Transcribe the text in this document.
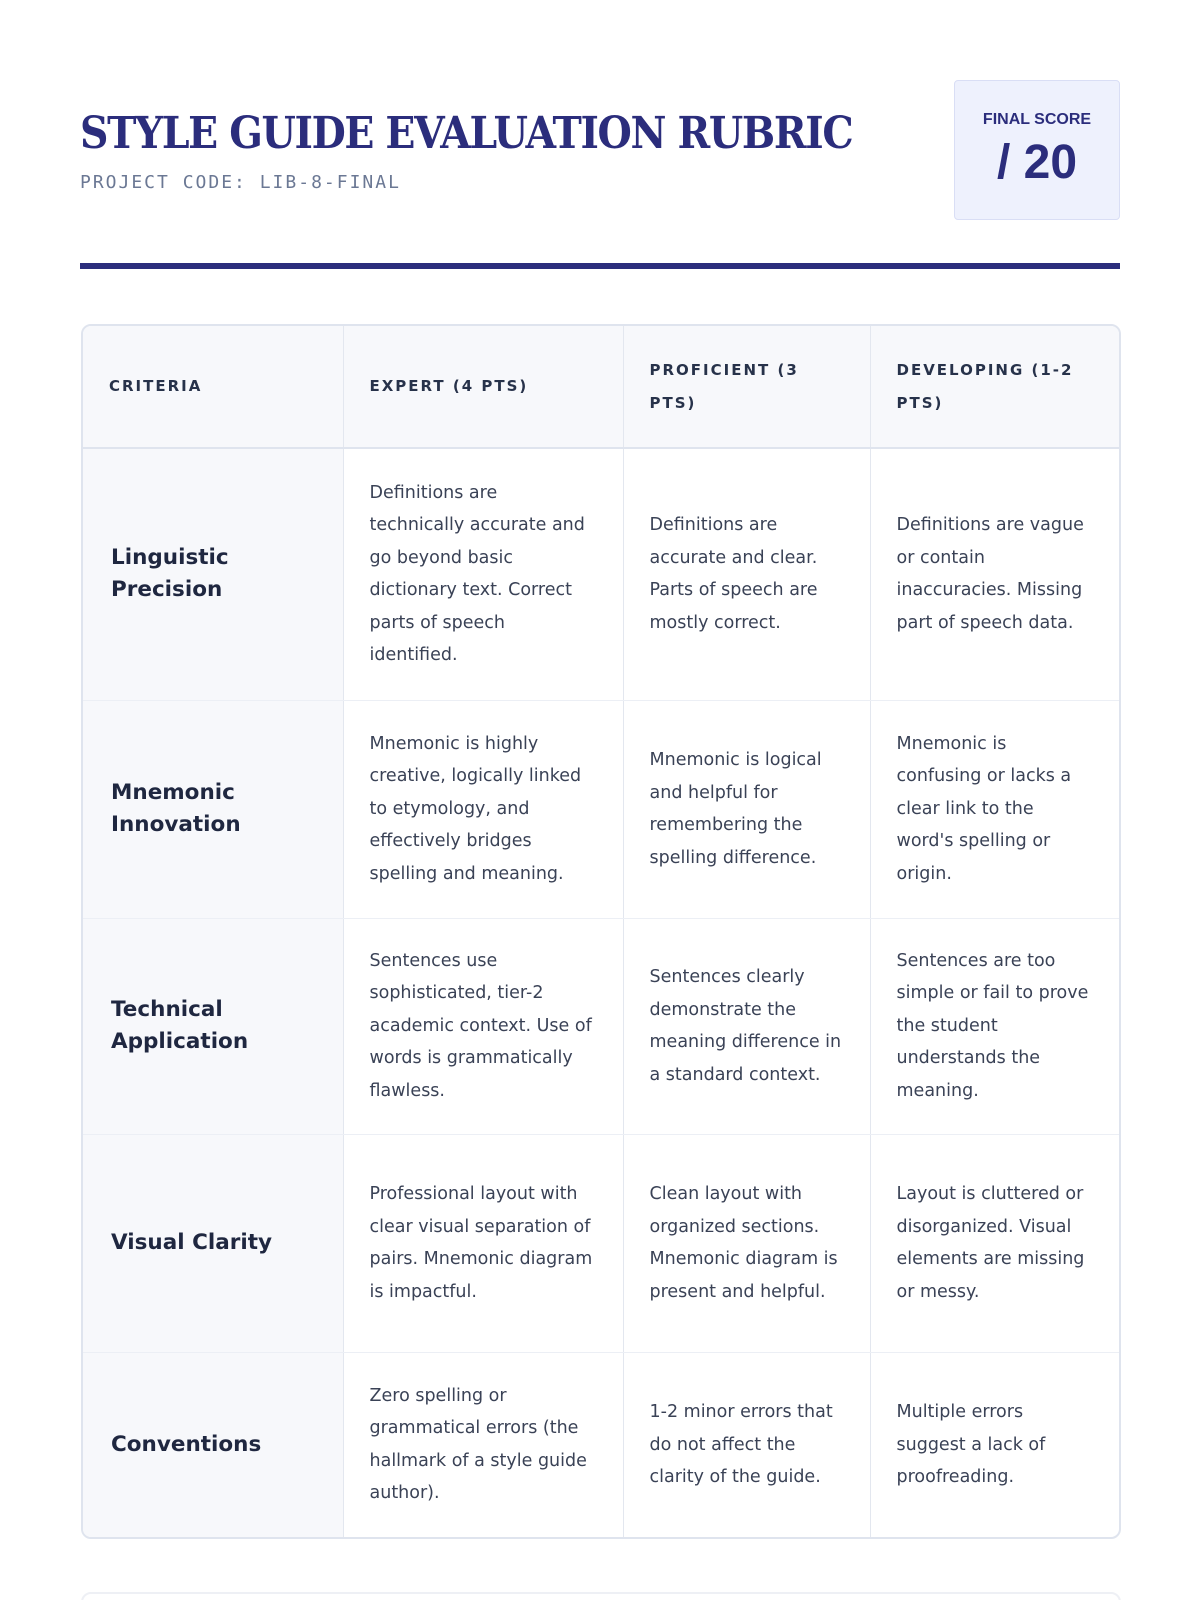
STYLE GUIDE EVALUATION RUBRIC
PROJECT CODE: LIB-8-FINAL
FINAL SCORE
/ 20
CRITERIA	EXPERT (4 PTS)	PROFICIENT (3 PTS)	DEVELOPING (1-2 PTS)
Linguistic Precision	Definitions are technically accurate and go beyond basic dictionary text. Correct parts of speech identified.	Definitions are accurate and clear. Parts of speech are mostly correct.	Definitions are vague or contain inaccuracies. Missing part of speech data.
Mnemonic Innovation	Mnemonic is highly creative, logically linked to etymology, and effectively bridges spelling and meaning.	Mnemonic is logical and helpful for remembering the spelling difference.	Mnemonic is confusing or lacks a clear link to the word's spelling or origin.
Technical Application	Sentences use sophisticated, tier-2 academic context. Use of words is grammatically flawless.	Sentences clearly demonstrate the meaning difference in a standard context.	Sentences are too simple or fail to prove the student understands the meaning.
Visual Clarity	Professional layout with clear visual separation of pairs. Mnemonic diagram is impactful.	Clean layout with organized sections. Mnemonic diagram is present and helpful.	Layout is cluttered or disorganized. Visual elements are missing or messy.
Conventions	Zero spelling or grammatical errors (the hallmark of a style guide author).	1-2 minor errors that do not affect the clarity of the guide.	Multiple errors suggest a lack of proofreading.
